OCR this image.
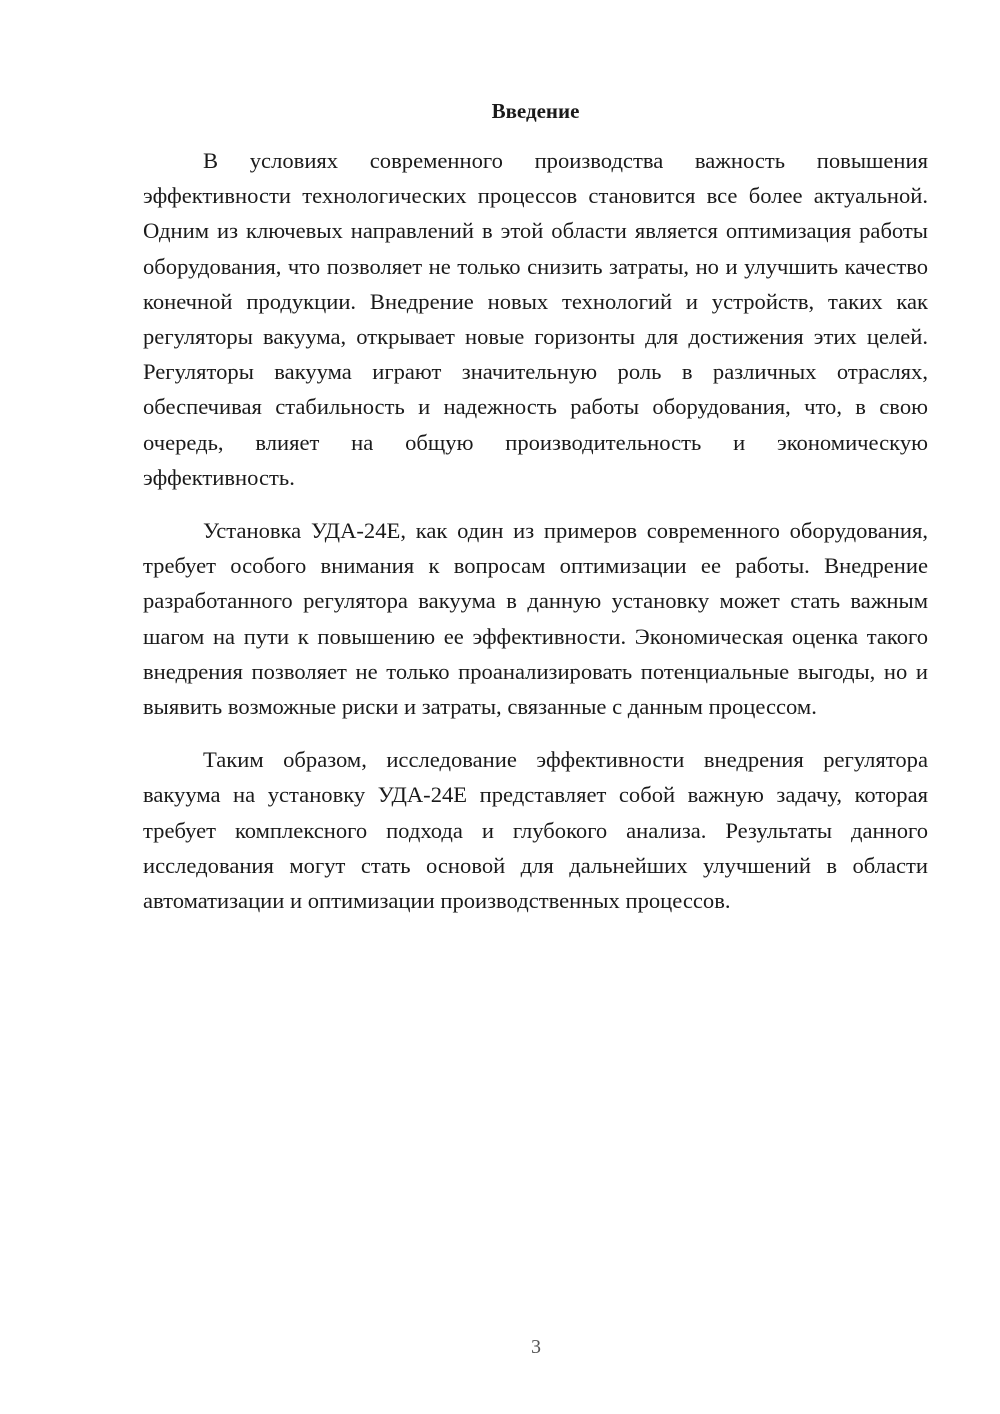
Введение

В условиях современного производства важность повышения эффективности технологических процессов становится все более актуальной. Одним из ключевых направлений в этой области является оптимизация работы оборудования, что позволяет не только снизить затраты, но и улучшить качество конечной продукции. Внедрение новых технологий и устройств, таких как регуляторы вакуума, открывает новые горизонты для достижения этих целей. Регуляторы вакуума играют значительную роль в различных отраслях, обеспечивая стабильность и надежность работы оборудования, что, в свою очередь, влияет на общую производительность и экономическую эффективность.

Установка УДА-24Е, как один из примеров современного оборудования, требует особого внимания к вопросам оптимизации ее работы. Внедрение разработанного регулятора вакуума в данную установку может стать важным шагом на пути к повышению ее эффективности. Экономическая оценка такого внедрения позволяет не только проанализировать потенциальные выгоды, но и выявить возможные риски и затраты, связанные с данным процессом.

Таким образом, исследование эффективности внедрения регулятора вакуума на установку УДА-24Е представляет собой важную задачу, которая требует комплексного подхода и глубокого анализа. Результаты данного исследования могут стать основой для дальнейших улучшений в области автоматизации и оптимизации производственных процессов.

3
